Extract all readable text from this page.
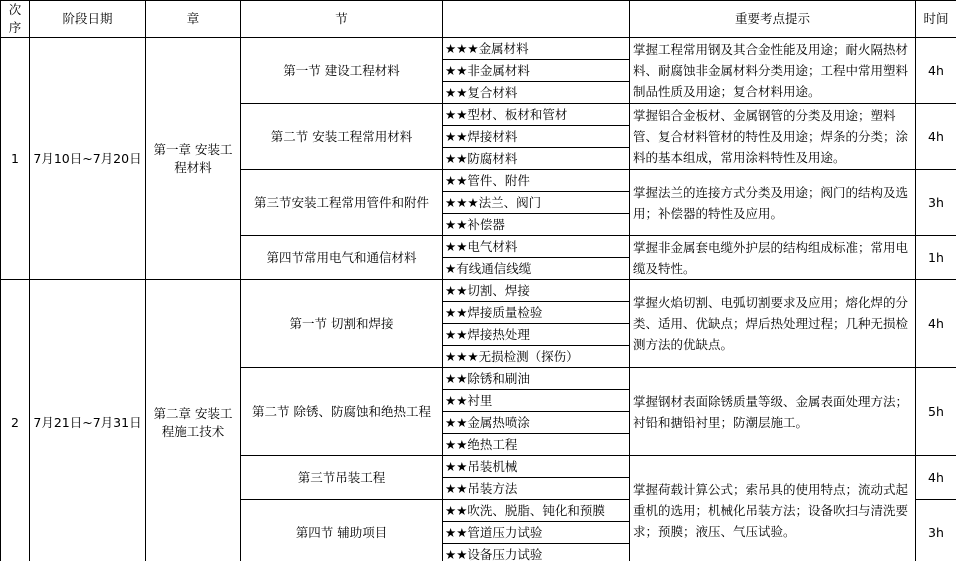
次序	阶段日期	章	节		重要考点提示	时间
1	7月10日~7月20日	第一章 安装工程材料	第一节 建设工程材料	★★★金属材料	掌握工程常用钢及其合金性能及用途；耐火隔热材料、耐腐蚀非金属材料分类用途；工程中常用塑料制品性质及用途；复合材料用途。	4h
				★★非金属材料		
				★★复合材料		
			第二节 安装工程常用材料	★★型材、板材和管材	掌握铝合金板材、金属钢管的分类及用途；塑料管、复合材料管材的特性及用途；焊条的分类；涂料的基本组成，常用涂料特性及用途。	4h
				★★焊接材料		
				★★防腐材料		
			第三节安装工程常用管件和附件	★★管件、附件	掌握法兰的连接方式分类及用途；阀门的结构及选用；补偿器的特性及应用。	3h
				★★★法兰、阀门		
				★★补偿器		
			第四节常用电气和通信材料	★★电气材料	掌握非金属套电缆外护层的结构组成标准；常用电缆及特性。	1h
				★有线通信线缆		
2	7月21日~7月31日	第二章 安装工程施工技术	第一节 切割和焊接	★★切割、焊接	掌握火焰切割、电弧切割要求及应用；熔化焊的分类、适用、优缺点；焊后热处理过程；几种无损检测方法的优缺点。	4h
				★★焊接质量检验		
				★★焊接热处理		
				★★★无损检测（探伤）		
			第二节 除锈、防腐蚀和绝热工程	★★除锈和刷油	掌握钢材表面除锈质量等级、金属表面处理方法；衬铅和搪铅衬里；防潮层施工。	5h
				★★衬里		
				★★金属热喷涂		
				★★绝热工程		
			第三节吊装工程	★★吊装机械	掌握荷载计算公式；索吊具的使用特点；流动式起重机的选用；机械化吊装方法；设备吹扫与清洗要求；预膜；液压、气压试验。	4h
				★★吊装方法		
			第四节 辅助项目	★★吹洗、脱脂、钝化和预膜		3h
				★★管道压力试验		
				★★设备压力试验		
